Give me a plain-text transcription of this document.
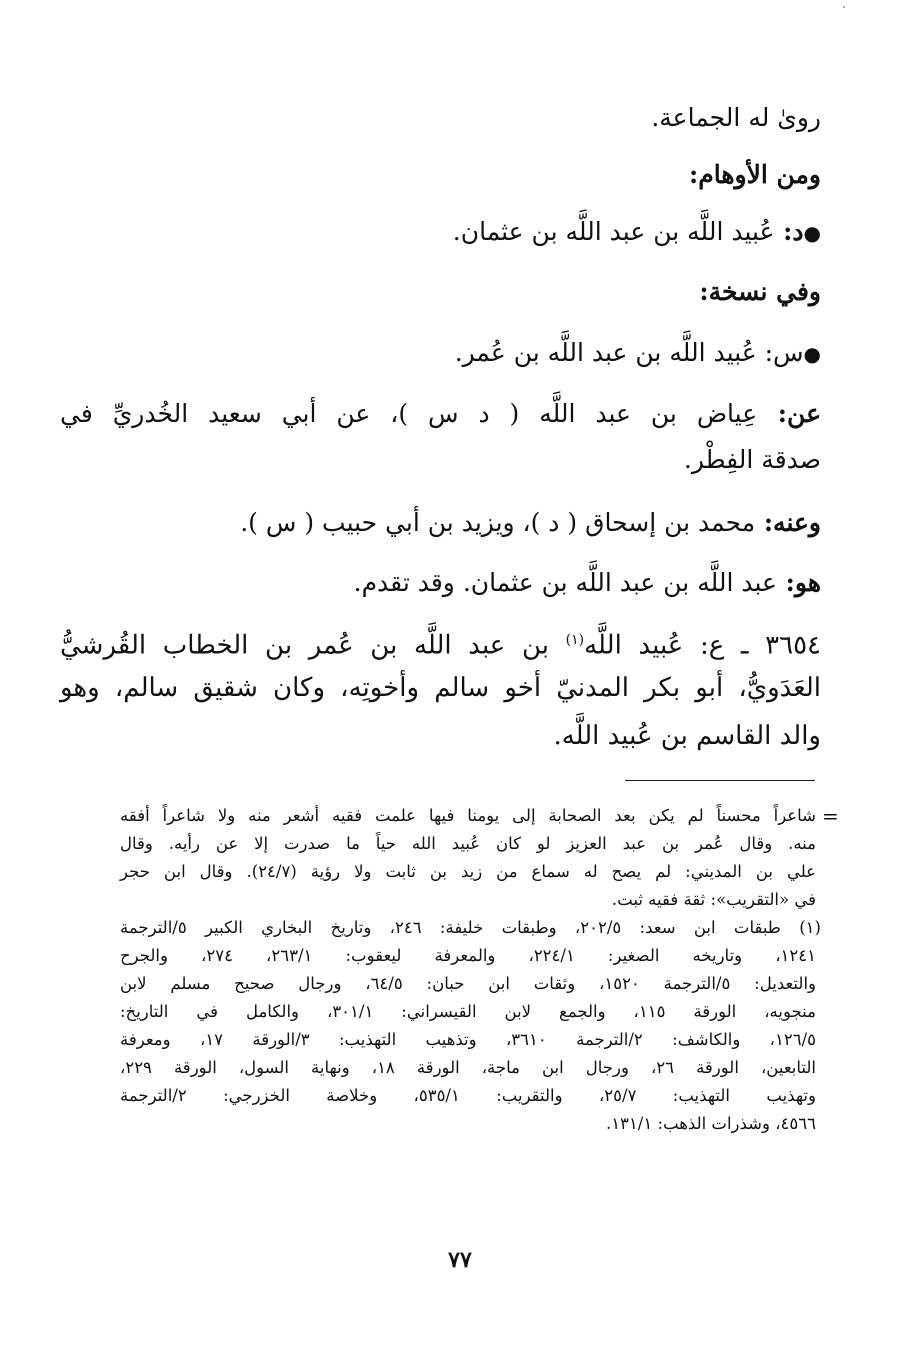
روىٰ له الجماعة.
ومن الأوهام:
●د: عُبيد اللَّه بن عبد اللَّه بن عثمان.
وفي نسخة:
●س: عُبيد اللَّه بن عبد اللَّه بن عُمر.
عن: عِياض بن عبد اللَّه ( د س )، عن أبي سعيد الخُدريِّ في
صدقة الفِطْر.
وعنه: محمد بن إسحاق ( د )، ويزيد بن أبي حبيب ( س ).
هو: عبد اللَّه بن عبد اللَّه بن عثمان. وقد تقدم.
٣٦٥٤ ـ ع: عُبيد اللَّه$^{(١)}$ بن عبد اللَّه بن عُمر بن الخطاب القُرشيُّ
العَدَويُّ، أبو بكر المدنيّ أخو سالم وأخوتِه، وكان شقيق سالم، وهو
والد القاسم بن عُبيد اللَّه.
=
شاعراً محسناً لم يكن بعد الصحابة إلى يومنا فيها علمت فقيه أشعر منه ولا شاعراً أفقه
منه. وقال عُمر بن عبد العزيز لو كان عُبيد الله حياً ما صدرت إلا عن رأيه. وقال
علي بن المديني: لم يصح له سماع من زيد بن ثابت ولا رؤية (٢٤/٧). وقال ابن حجر
في «التقريب»: ثقة فقيه ثبت.
(١) طبقات ابن سعد: ٢٠٢/٥، وطبقات خليفة: ٢٤٦، وتاريخ البخاري الكبير ٥/الترجمة
١٢٤١، وتاريخه الصغير: ٢٢٤/١، والمعرفة ليعقوب: ٢٦٣/١، ٢٧٤، والجرح
والتعديل: ٥/الترجمة ١٥٢٠، وثقات ابن حبان: ٦٤/٥، ورجال صحيح مسلم لابن
منجويه، الورقة ١١٥، والجمع لابن القيسراني: ٣٠١/١، والكامل في التاريخ:
١٢٦/٥، والكاشف: ٢/الترجمة ٣٦١٠، وتذهيب التهذيب: ٣/الورقة ١٧، ومعرفة
التابعين، الورقة ٢٦، ورجال ابن ماجة، الورقة ١٨، ونهاية السول، الورقة ٢٢٩،
وتهذيب التهذيب: ٢٥/٧، والتقريب: ٥٣٥/١، وخلاصة الخزرجي: ٢/الترجمة
٤٥٦٦، وشذرات الذهب: ١٣١/١.
٧٧
